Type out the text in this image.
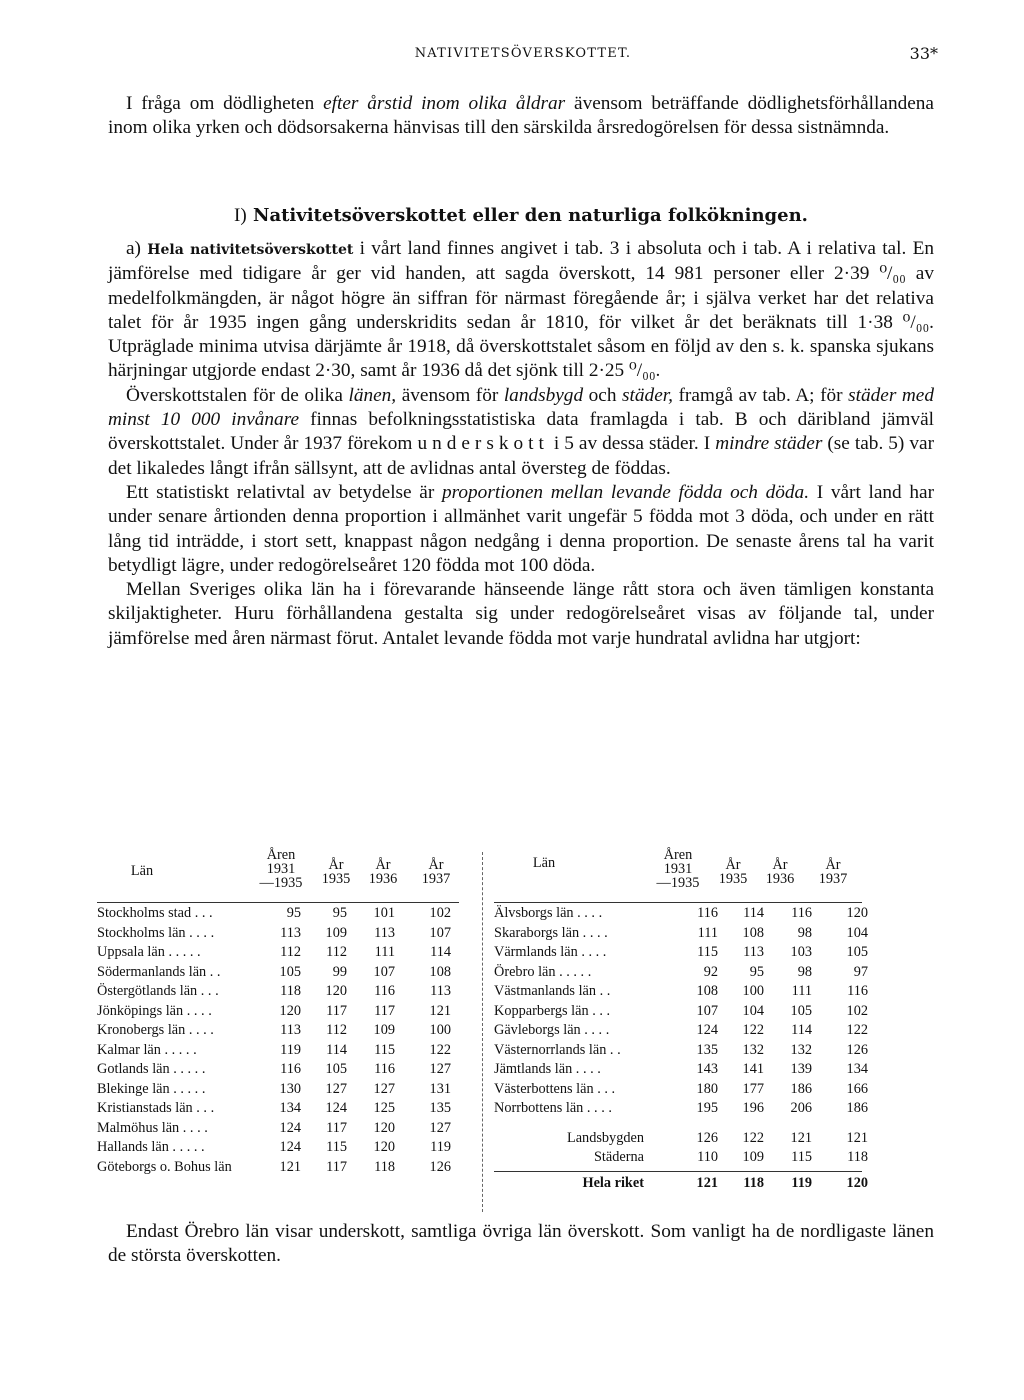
NATIVITETSÖVERSKOTTET.	33*

I fråga om dödligheten efter årstid inom olika åldrar ävensom beträffande dödlighetsförhållandena inom olika yrken och dödsorsakerna hänvisas till den särskilda årsredogörelsen för dessa sistnämnda.

I) Nativitetsöverskottet eller den naturliga folkökningen.

a) Hela nativitetsöverskottet i vårt land finnes angivet i tab. 3 i absoluta och i tab. A i relativa tal. En jämförelse med tidigare år ger vid handen, att sagda överskott, 14 981 personer eller 2·39 ⁰/₀₀ av medelfolkmängden, är något högre än siffran för närmast föregående år; i själva verket har det relativa talet för år 1935 ingen gång underskridits sedan år 1810, för vilket år det beräknats till 1·38 ⁰/₀₀. Utpräglade minima utvisa därjämte år 1918, då överskottstalet såsom en följd av den s. k. spanska sjukans härjningar utgjorde endast 2·30, samt år 1936 då det sjönk till 2·25 ⁰/₀₀.

Överskottstalen för de olika länen, ävensom för landsbygd och städer, framgå av tab. A; för städer med minst 10 000 invånare finnas befolkningsstatistiska data framlagda i tab. B och däribland jämväl överskottstalet. Under år 1937 förekom underskott i 5 av dessa städer. I mindre städer (se tab. 5) var det likaledes långt ifrån sällsynt, att de avlidnas antal översteg de föddas.

Ett statistiskt relativtal av betydelse är proportionen mellan levande födda och döda. I vårt land har under senare årtionden denna proportion i allmänhet varit ungefär 5 födda mot 3 döda, och under en rätt lång tid inträdde, i stort sett, knappast någon nedgång i denna proportion. De senaste årens tal ha varit betydligt lägre, under redogörelseåret 120 födda mot 100 döda.

Mellan Sveriges olika län ha i förevarande hänseende länge rått stora och även tämligen konstanta skiljaktigheter. Huru förhållandena gestalta sig under redogörelseåret visas av följande tal, under jämförelse med åren närmast förut. Antalet levande födda mot varje hundratal avlidna har utgjort:

Län
Åren
1931
—1935
År
1935
År
1936
År
1937
Stockholms stad . . .	95 95 101 102
Stockholms län . . . .	113 109 113 107
Uppsala län . . . . .	112 112 111 114
Södermanlands län . .	105 99 107 108
Östergötlands län . . .	118 120 116 113
Jönköpings län . . . .	120 117 117 121
Kronobergs län . . . .	113 112 109 100
Kalmar län . . . . .	119 114 115 122
Gotlands län . . . . .	116 105 116 127
Blekinge län . . . . .	130 127 127 131
Kristianstads län . . .	134 124 125 135
Malmöhus län . . . .	124 117 120 127
Hallands län . . . . .	124 115 120 119
Göteborgs o. Bohus län	121 117 118 126
Län	Åren
1931
—1935
År
1935
År
1936
År
1937
Älvsborgs län . . . .	116 114 116 120
Skaraborgs län . . . .	111 108 98 104
Värmlands län . . . .	115 113 103 105
Örebro län . . . . .	92 95 98	97
Västmanlands län . .	108 100 111 116
Kopparbergs län . . .	107 104 105 102
Gävleborgs län . . . .	124 122 114 122
Västernorrlands län . .	135 132 132 126
Jämtlands län . . . .	143 141 139 134
Västerbottens län . . .	180 177 186 166
Norrbottens län . . . .	195 196 206 186
Landsbygden	126 122 121 121
Städerna	110 109 115 118
Hela riket	121 118 119 120

Endast Örebro län visar underskott, samtliga övriga län överskott. Som vanligt ha de nordligaste länen de största överskotten.
